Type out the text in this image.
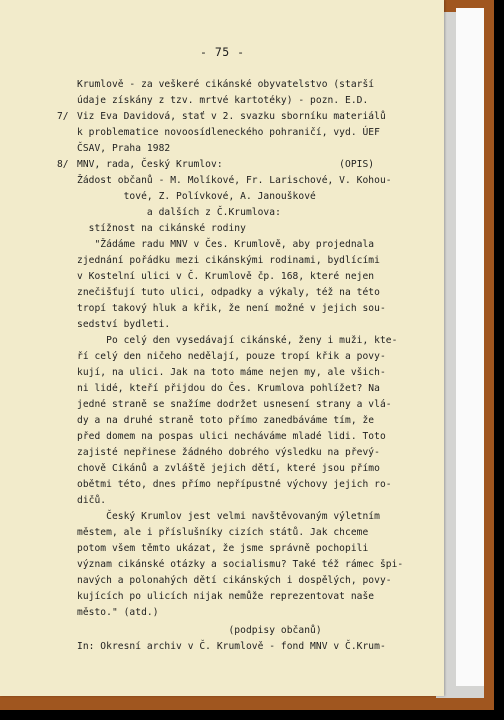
- 75 -
Krumlově - za veškeré cikánské obyvatelstvo (starší
údaje získány z tzv. mrtvé kartotéky) - pozn. E.D.
7/ Viz Eva Davidová, stať v 2. svazku sborníku materiálů
k problematice novoosídleneckého pohraničí, vyd. ÚEF
ČSAV, Praha 1982
8/ MNV, rada, Český Krumlov:                    (OPIS)
Žádost občanů - M. Molíkové, Fr. Larischové, V. Kohou-
tové, Z. Polívkové, A. Janouškové
a dalších z Č.Krumlova:
stížnost na cikánské rodiny
"Žádáme radu MNV v Čes. Krumlově, aby projednala
zjednání pořádku mezi cikánskými rodinami, bydlícími
v Kostelní ulici v Č. Krumlově čp. 168, které nejen
znečišťují tuto ulici, odpadky a výkaly, též na této
tropí takový hluk a křik, že není možné v jejich sou-
sedství bydleti.
Po celý den vysedávají cikánské, ženy i muži, kte-
ří celý den ničeho nedělají, pouze tropí křik a povy-
kují, na ulici. Jak na toto máme nejen my, ale všich-
ni lidé, kteří přijdou do Čes. Krumlova pohlížet? Na
jedné straně se snažíme dodržet usnesení strany a vlá-
dy a na druhé straně toto přímo zanedbáváme tím, že
před domem na pospas ulici necháváme mladé lidi. Toto
zajisté nepřinese žádného dobrého výsledku na převý-
chově Cikánů a zvláště jejich dětí, které jsou přímo
obětmi této, dnes přímo nepřípustné výchovy jejich ro-
dičů.
Český Krumlov jest velmi navštěvovaným výletním
městem, ale i příslušníky cizích států. Jak chceme
potom všem těmto ukázat, že jsme správně pochopili
význam cikánské otázky a socialismu? Také též rámec špi-
navých a polonahých dětí cikánských i dospělých, povy-
kujících po ulicích nijak nemůže reprezentovat naše
město." (atd.)
(podpisy občanů)
In: Okresní archiv v Č. Krumlově - fond MNV v Č.Krum-
